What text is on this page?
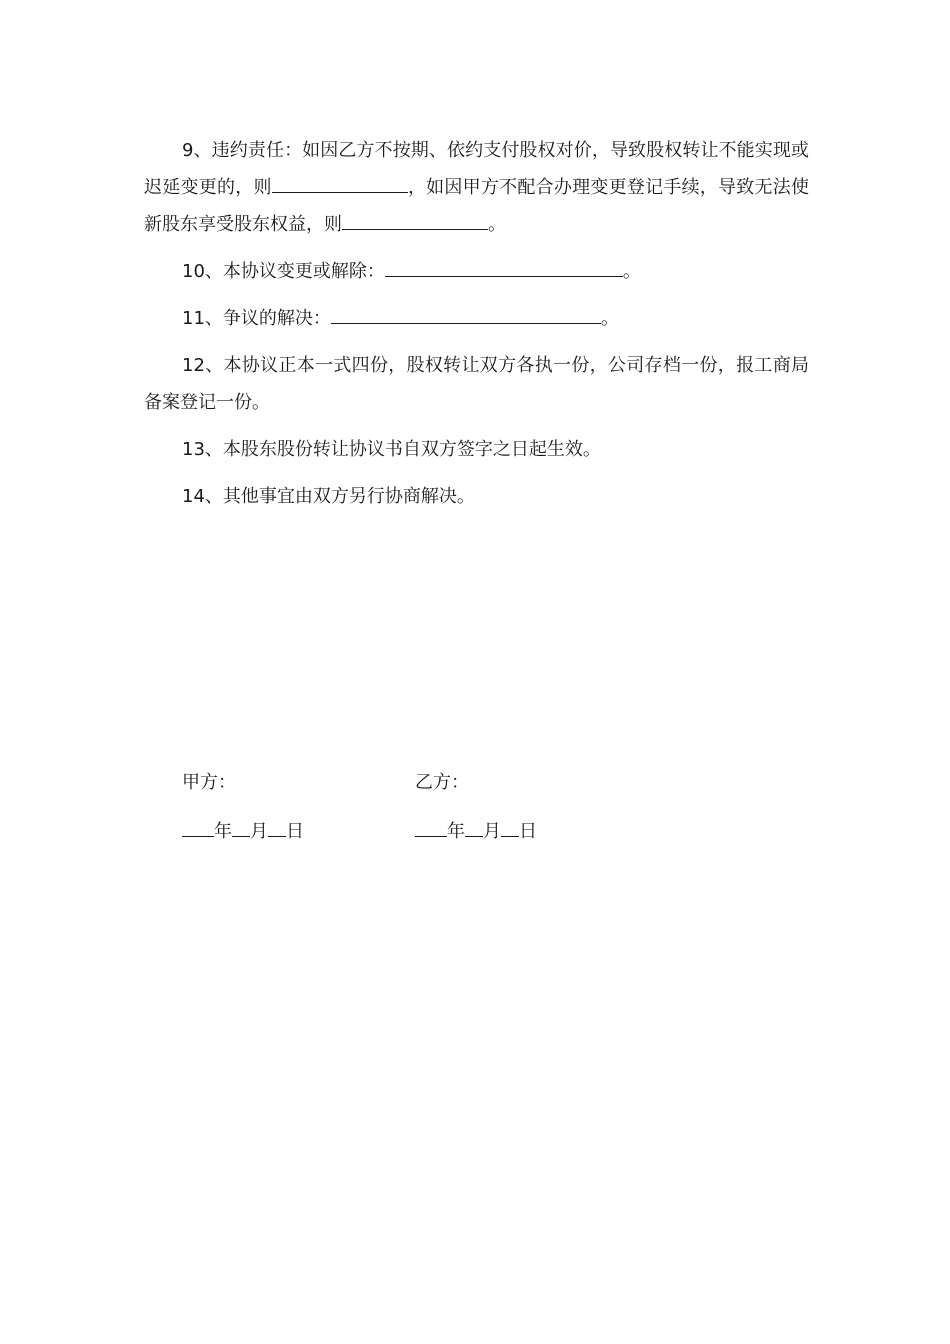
9、违约责任：如因乙方不按期、依约支付股权对价，导致股权转让不能实现或迟延变更的，则	，如因甲方不配合办理变更登记手续，导致无法使新股东享受股东权益，则	。

10、本协议变更或解除：	。

11、争议的解决：	。

12、本协议正本一式四份，股权转让双方各执一份，公司存档一份，报工商局备案登记一份。

13、本股东股份转让协议书自双方签字之日起生效。

14、其他事宜由双方另行协商解决。

甲方：	乙方：
年 月 日	年 月 日
